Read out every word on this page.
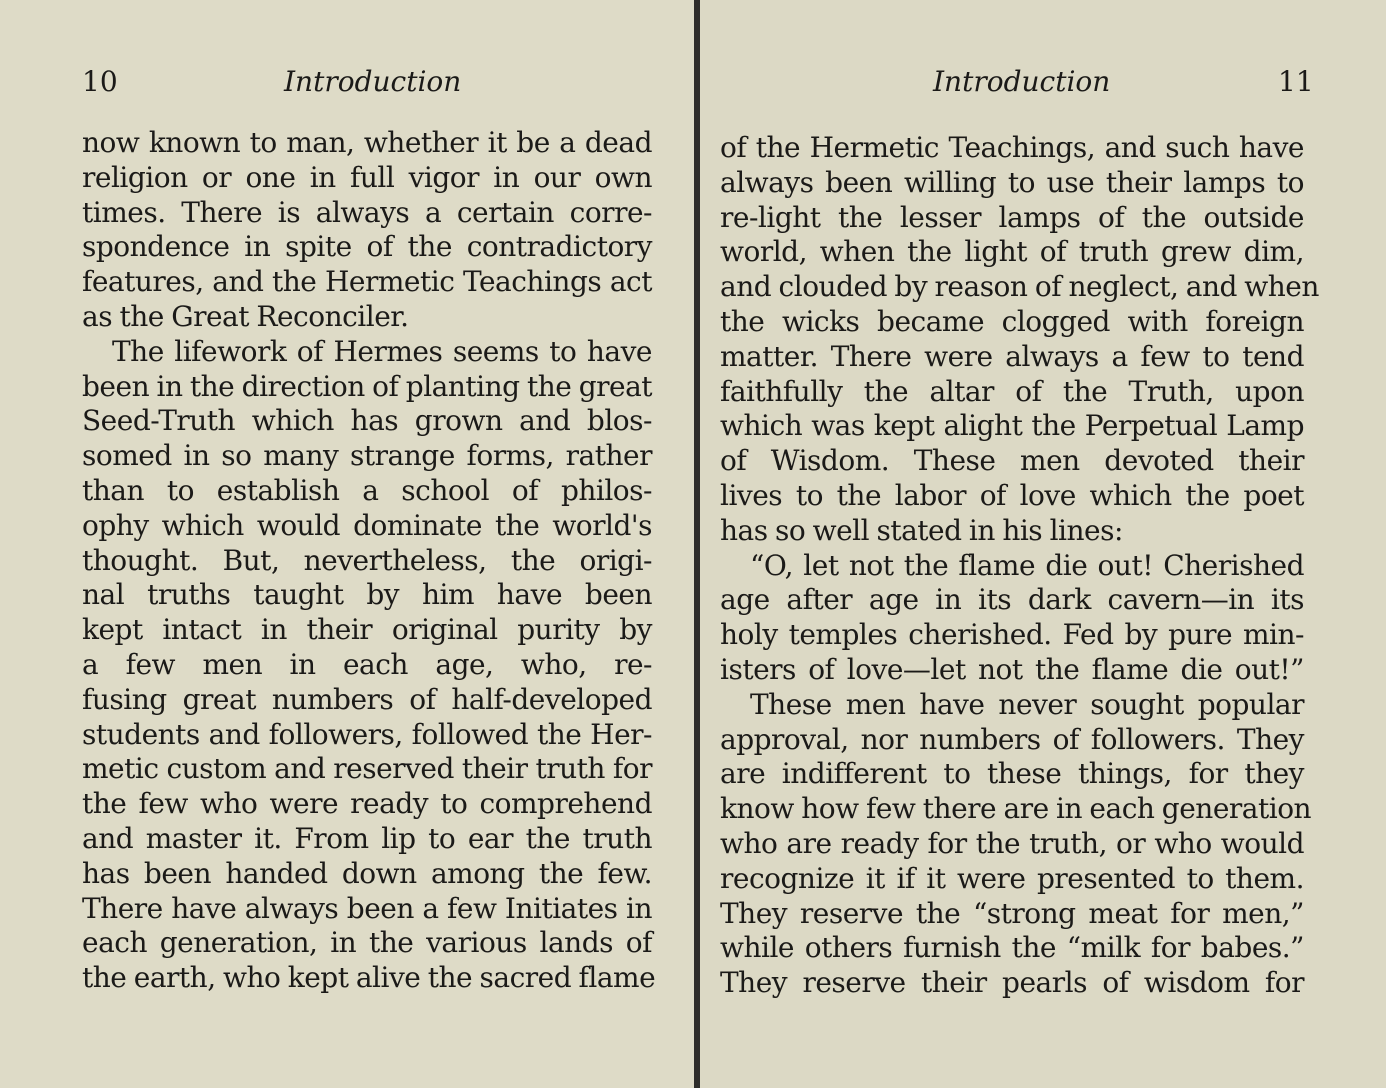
10	Introduction
now known to man, whether it be a dead
religion or one in full vigor in our own
times. There is always a certain corre-
spondence in spite of the contradictory
features, and the Hermetic Teachings act
as the Great Reconciler.
The lifework of Hermes seems to have
been in the direction of planting the great
Seed-Truth which has grown and blos-
somed in so many strange forms, rather
than to establish a school of philos-
ophy which would dominate the world's
thought. But, nevertheless, the origi-
nal truths taught by him have been
kept intact in their original purity by
a few men in each age, who, re-
fusing great numbers of half-developed
students and followers, followed the Her-
metic custom and reserved their truth for
the few who were ready to comprehend
and master it. From lip to ear the truth
has been handed down among the few.
There have always been a few Initiates in
each generation, in the various lands of
the earth, who kept alive the sacred flame
Introduction	11
of the Hermetic Teachings, and such have
always been willing to use their lamps to
re-light the lesser lamps of the outside
world, when the light of truth grew dim,
and clouded by reason of neglect, and when
the wicks became clogged with foreign
matter. There were always a few to tend
faithfully the altar of the Truth, upon
which was kept alight the Perpetual Lamp
of Wisdom. These men devoted their
lives to the labor of love which the poet
has so well stated in his lines:
“O, let not the flame die out! Cherished
age after age in its dark cavern—in its
holy temples cherished. Fed by pure min-
isters of love—let not the flame die out!”
These men have never sought popular
approval, nor numbers of followers. They
are indifferent to these things, for they
know how few there are in each generation
who are ready for the truth, or who would
recognize it if it were presented to them.
They reserve the “strong meat for men,”
while others furnish the “milk for babes.”
They reserve their pearls of wisdom for
